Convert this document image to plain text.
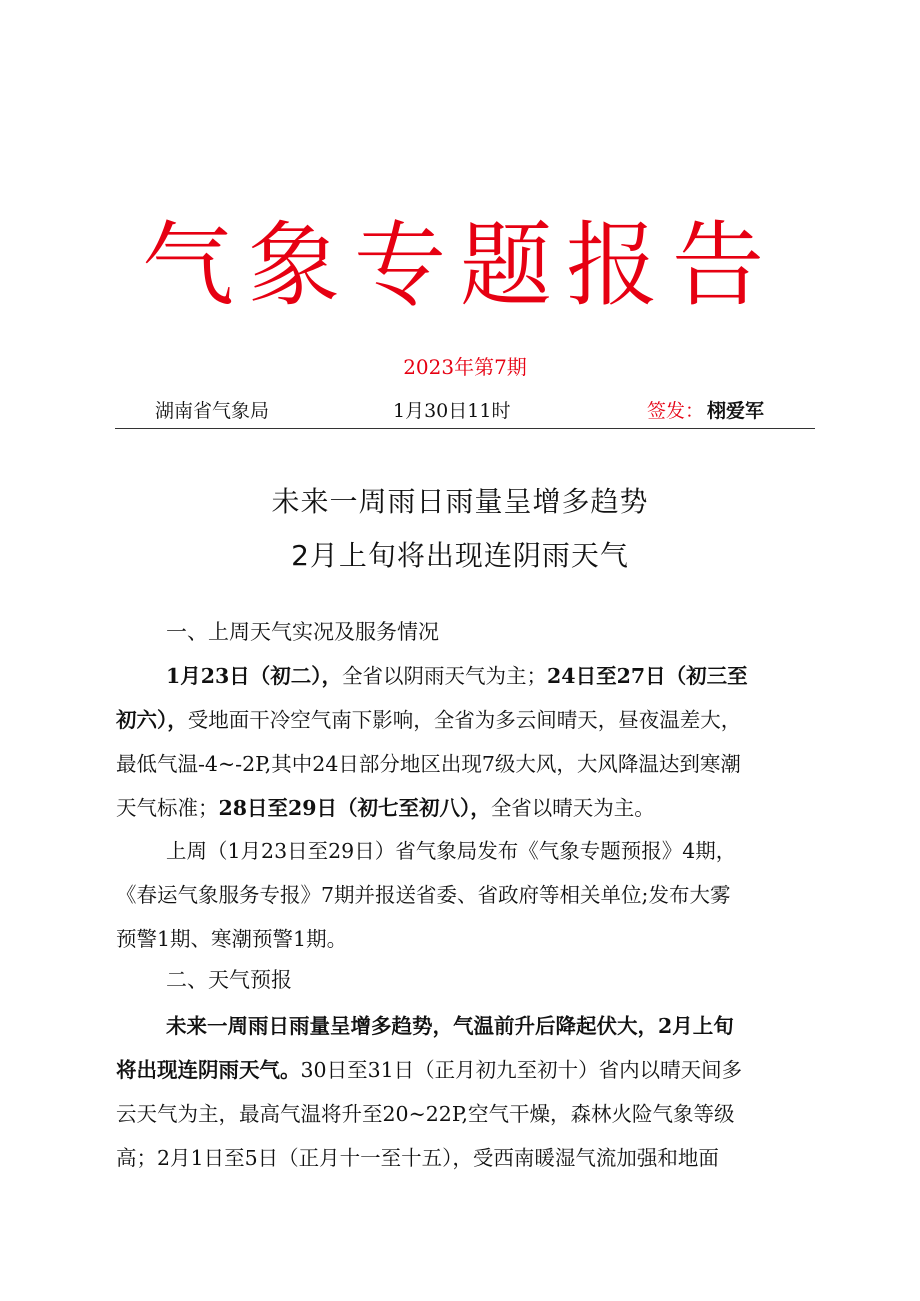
气象专题报告
2023年第7期
湖南省气象局	1月30日11时	签发： 栩爱军
未来一周雨日雨量呈增多趋势
2月上旬将出现连阴雨天气
一、上周天气实况及服务情况
1月23日（初二），全省以阴雨天气为主；24日至27日（初三至
初六），受地面干冷空气南下影响，全省为多云间晴天，昼夜温差大，
最低气温-4~-2P,其中24日部分地区出现7级大风，大风降温达到寒潮
天气标准；28日至29日（初七至初八），全省以晴天为主。
上周（1月23日至29日）省气象局发布《气象专题预报》4期，
《春运气象服务专报》7期并报送省委、省政府等相关单位;发布大雾
预警1期、寒潮预警1期。
二、天气预报
未来一周雨日雨量呈增多趋势，气温前升后降起伏大，2月上旬
将出现连阴雨天气。30日至31日（正月初九至初十）省内以晴天间多
云天气为主，最高气温将升至20~22P,空气干燥，森林火险气象等级
高；2月1日至5日（正月十一至十五），受西南暖湿气流加强和地面
